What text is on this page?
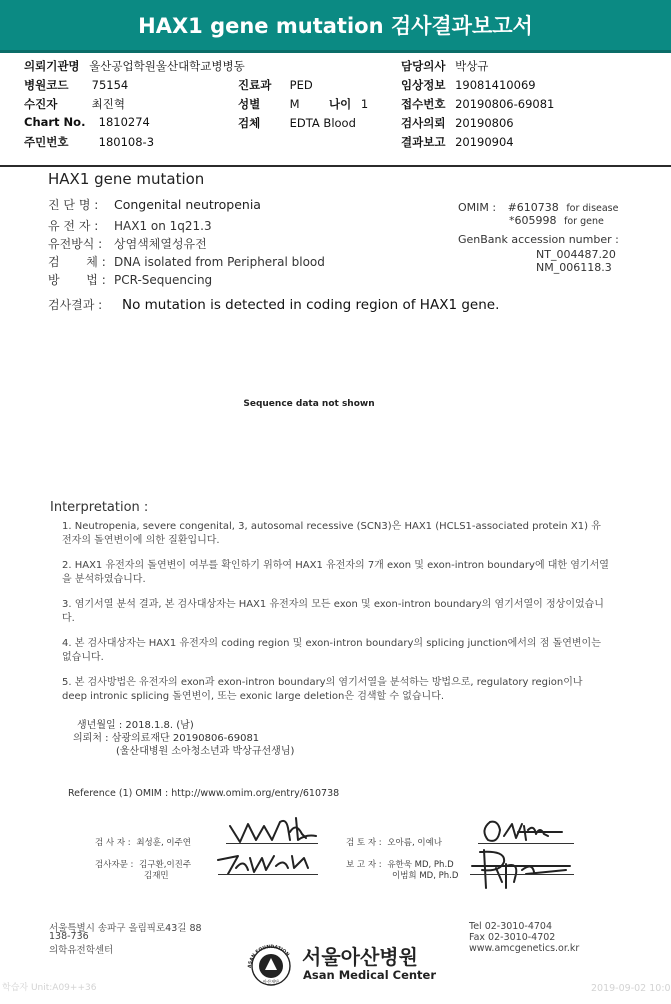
HAX1 gene mutation 검사결과보고서
의뢰기관명 울산공업학원울산대학교병병동	담당의사 박상규
병원코드 75154	진료과 PED	임상정보 19081410069
수진자	최진혁	성별	M	나이 1	접수번호 20190806-69081
Chart No. 1810274	검체	EDTA Blood	검사의뢰 20190806
주민번호	180108-3	결과보고 20190904
HAX1 gene mutation
진 단 명 : Congenital neutropenia
유 전 자 : HAX1 on 1q21.3
유전방식 : 상염색체열성유전
검       체 : DNA isolated from Peripheral blood
방       법 : PCR-Sequencing
OMIM : #610738 for disease
*605998 for gene
GenBank accession number :
NT_004487.20
NM_006118.3
검사결과 : No mutation is detected in coding region of HAX1 gene.
Sequence data not shown
Interpretation :

1. Neutropenia, severe congenital, 3, autosomal recessive (SCN3)은 HAX1 (HCLS1-associated protein X1) 유전자의 돌연변이에 의한 질환입니다.

2. HAX1 유전자의 돌연변이 여부를 확인하기 위하여 HAX1 유전자의 7개 exon 및 exon-intron boundary에 대한 염기서열을 분석하였습니다.

3. 염기서열 분석 결과, 본 검사대상자는 HAX1 유전자의 모든 exon 및 exon-intron boundary의 염기서열이 정상이었습니다.

4. 본 검사대상자는 HAX1 유전자의 coding region 및 exon-intron boundary의 splicing junction에서의 점 돌연변이는 없습니다.

5. 본 검사방법은 유전자의 exon과 exon-intron boundary의 염기서열을 분석하는 방법으로, regulatory region이나 deep intronic splicing 돌연변이, 또는 exonic large deletion은 검색할 수 없습니다.

생년월일 : 2018.1.8. (남)
의뢰처 : 삼광의료재단 20190806-69081
(울산대병원 소아청소년과 박상규선생님)
Reference (1) OMIM : http://www.omim.org/entry/610738
검 사 자 : 최성훈, 이주연	검 토 자 : 오아름, 이예나
검사자문 : 김구환,이진주
김재민
보 고 자 : 유한욱 MD, Ph.D
이범희 MD, Ph.D
서울특별시 송파구 올림픽로43길 88
138-736
의학유전학센터
ASAN FOUNDATION
아산재단
서울아산병원
Asan Medical Center
Tel 02-3010-4704
Fax 02-3010-4702
www.amcgenetics.or.kr
학습자 Unit:A09++36	2019-09-02 10:0
